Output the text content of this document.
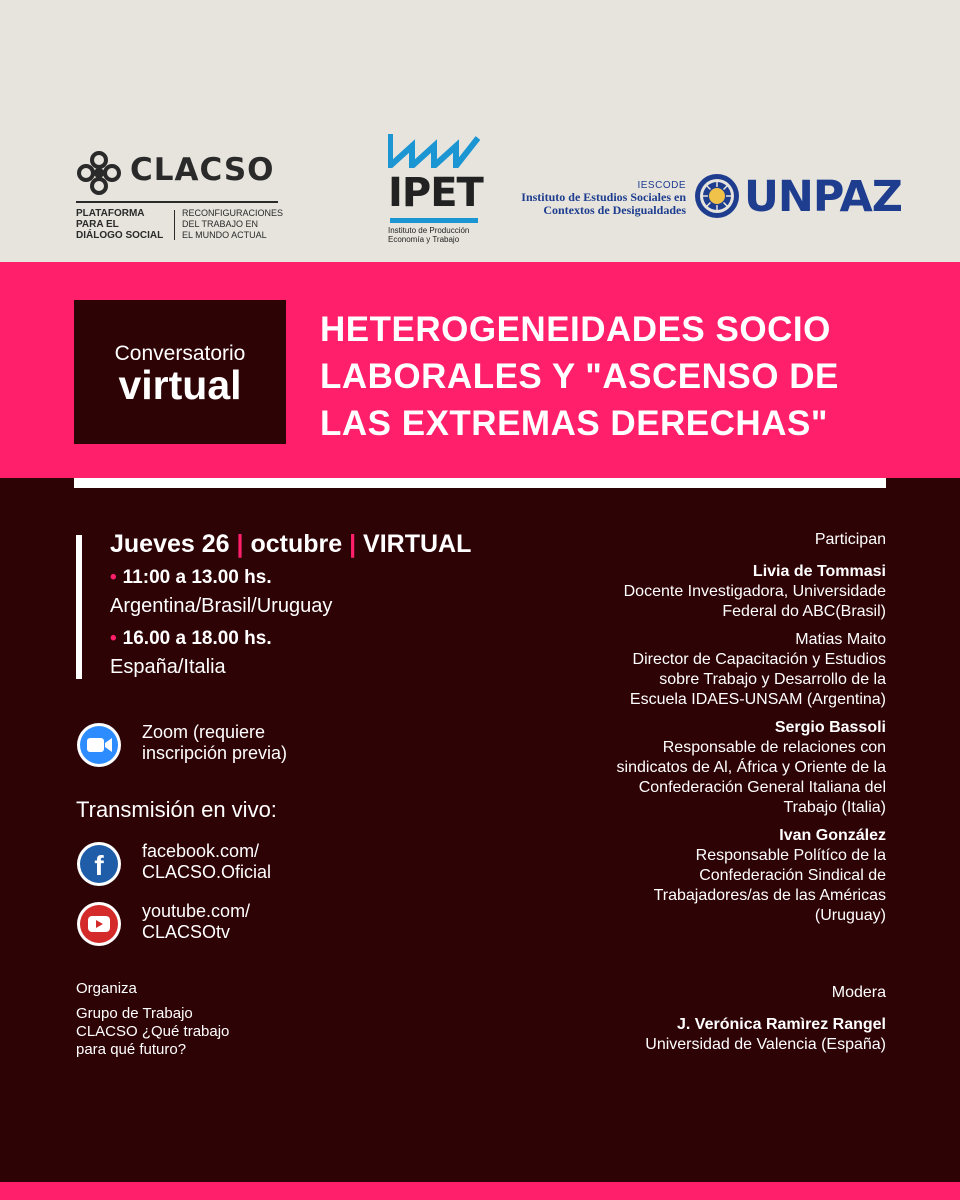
CLACSO
PLATAFORMA
PARA EL
DIÁLOGO SOCIAL
RECONFIGURACIONES
DEL TRABAJO EN
EL MUNDO ACTUAL
IPET
Instituto de Producción
Economía y Trabajo
IESCODE
Instituto de Estudios Sociales en
Contextos de Desigualdades UNPAZ
Conversatorio
virtual
HETEROGENEIDADES SOCIO
LABORALES Y "ASCENSO DE
LAS EXTREMAS DERECHAS"
Jueves 26 | octubre | VIRTUAL
• 11:00 a 13.00 hs.
Argentina/Brasil/Uruguay
• 16.00 a 18.00 hs.
España/Italia
Zoom (requiere
inscripción previa)
Transmisión en vivo:
f facebook.com/
CLACSO.Oficial
youtube.com/
CLACSOtv
Organiza
Grupo de Trabajo
CLACSO ¿Qué trabajo
para qué futuro?
Participan
Livia de Tommasi
Docente Investigadora, Universidade
Federal do ABC(Brasil)
Matias Maito
Director de Capacitación y Estudios
sobre Trabajo y Desarrollo de la
Escuela IDAES-UNSAM (Argentina)
Sergio Bassoli
Responsable de relaciones con
sindicatos de Al, África y Oriente de la
Confederación General Italiana del
Trabajo (Italia)
Ivan González
Responsable Polítíco de la
Confederación Sindical de
Trabajadores/as de las Américas
(Uruguay)
Modera
J. Verónica Ramìrez Rangel
Universidad de Valencia (España)
